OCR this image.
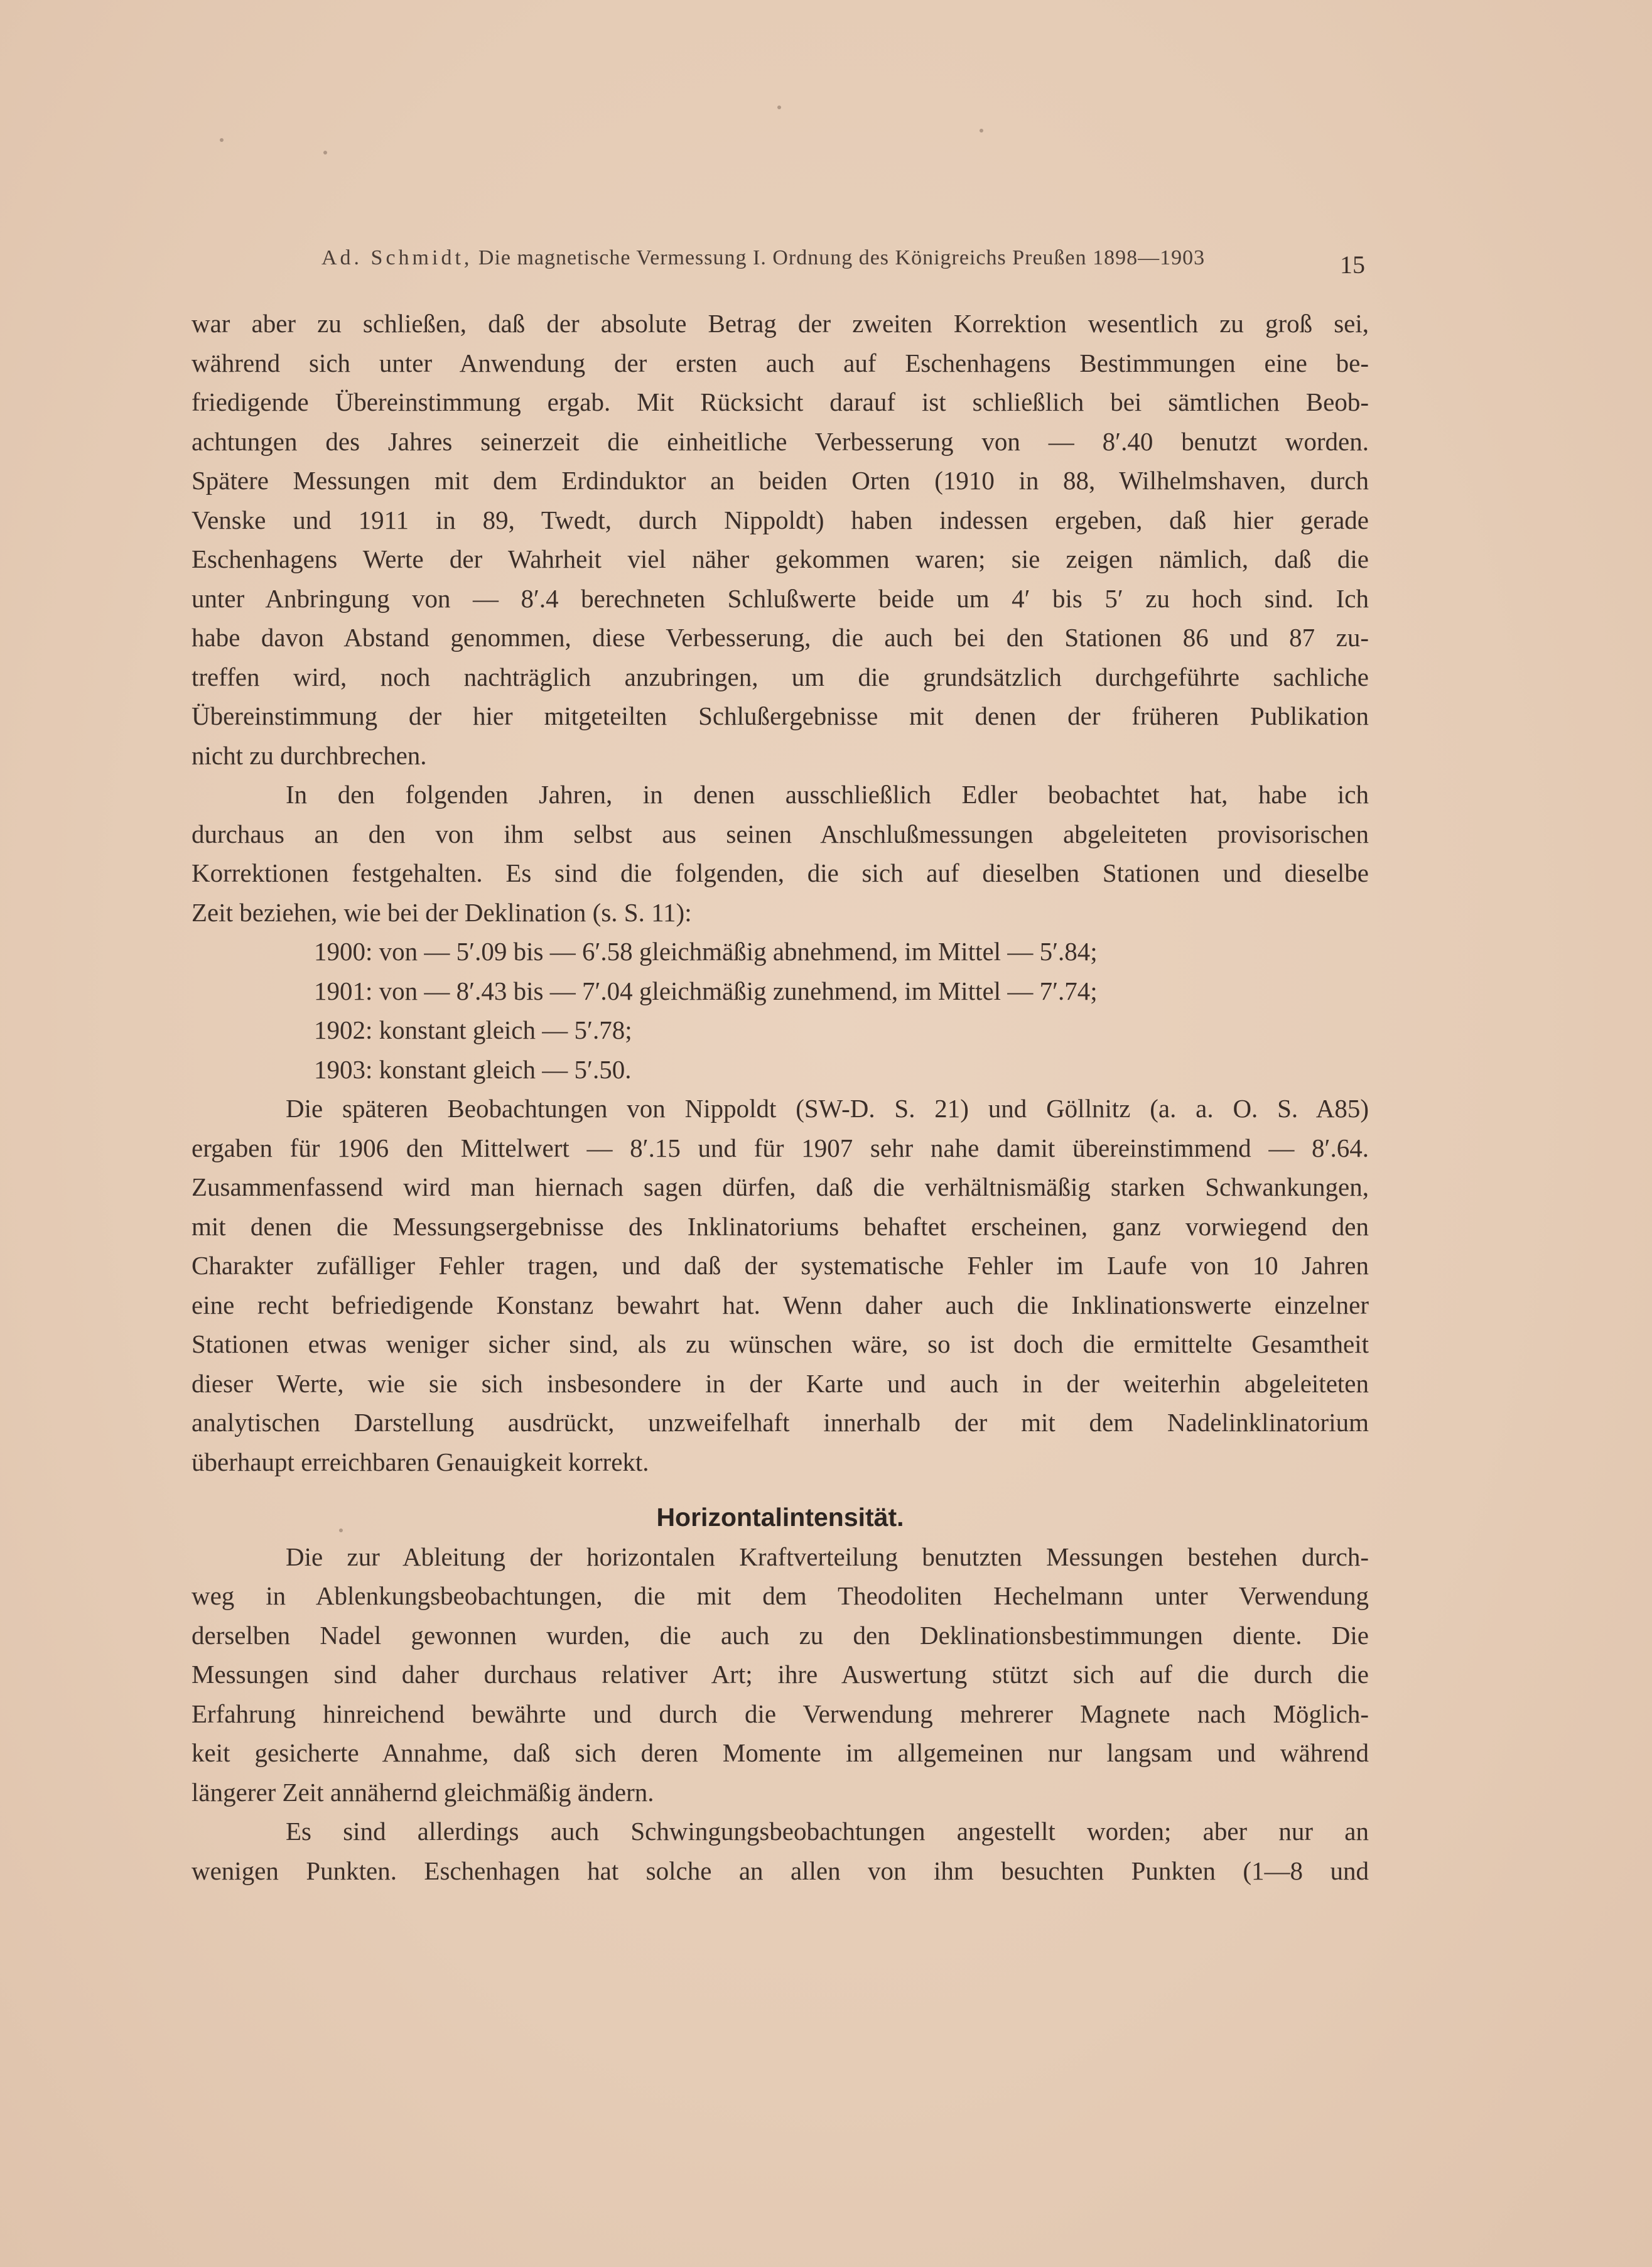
Ad. Schmidt, Die magnetische Vermessung I. Ordnung des Königreichs Preußen 1898—1903	15
war aber zu schließen, daß der absolute Betrag der zweiten Korrektion wesentlich zu groß sei,
während sich unter Anwendung der ersten auch auf Eschenhagens Bestimmungen eine be-
friedigende Übereinstimmung ergab. Mit Rücksicht darauf ist schließlich bei sämtlichen Beob-
achtungen des Jahres seinerzeit die einheitliche Verbesserung von — 8′.40 benutzt worden.
Spätere Messungen mit dem Erdinduktor an beiden Orten (1910 in 88, Wilhelmshaven, durch
Venske und 1911 in 89, Twedt, durch Nippoldt) haben indessen ergeben, daß hier gerade
Eschenhagens Werte der Wahrheit viel näher gekommen waren; sie zeigen nämlich, daß die
unter Anbringung von — 8′.4 berechneten Schlußwerte beide um 4′ bis 5′ zu hoch sind. Ich
habe davon Abstand genommen, diese Verbesserung, die auch bei den Stationen 86 und 87 zu-
treffen wird, noch nachträglich anzubringen, um die grundsätzlich durchgeführte sachliche
Übereinstimmung der hier mitgeteilten Schlußergebnisse mit denen der früheren Publikation
nicht zu durchbrechen.
In den folgenden Jahren, in denen ausschließlich Edler beobachtet hat, habe ich
durchaus an den von ihm selbst aus seinen Anschlußmessungen abgeleiteten provisorischen
Korrektionen festgehalten. Es sind die folgenden, die sich auf dieselben Stationen und dieselbe
Zeit beziehen, wie bei der Deklination (s. S. 11):
1900: von — 5′.09 bis — 6′.58 gleichmäßig abnehmend, im Mittel — 5′.84;
1901: von — 8′.43 bis — 7′.04 gleichmäßig zunehmend, im Mittel — 7′.74;
1902: konstant gleich — 5′.78;
1903: konstant gleich — 5′.50.
Die späteren Beobachtungen von Nippoldt (SW-D. S. 21) und Göllnitz (a. a. O. S. A85)
ergaben für 1906 den Mittelwert — 8′.15 und für 1907 sehr nahe damit übereinstimmend — 8′.64.
Zusammenfassend wird man hiernach sagen dürfen, daß die verhältnismäßig starken Schwankungen,
mit denen die Messungsergebnisse des Inklinatoriums behaftet erscheinen, ganz vorwiegend den
Charakter zufälliger Fehler tragen, und daß der systematische Fehler im Laufe von 10 Jahren
eine recht befriedigende Konstanz bewahrt hat. Wenn daher auch die Inklinationswerte einzelner
Stationen etwas weniger sicher sind, als zu wünschen wäre, so ist doch die ermittelte Gesamtheit
dieser Werte, wie sie sich insbesondere in der Karte und auch in der weiterhin abgeleiteten
analytischen Darstellung ausdrückt, unzweifelhaft innerhalb der mit dem Nadelinklinatorium
überhaupt erreichbaren Genauigkeit korrekt.
Horizontalintensität.
Die zur Ableitung der horizontalen Kraftverteilung benutzten Messungen bestehen durch-
weg in Ablenkungsbeobachtungen, die mit dem Theodoliten Hechelmann unter Verwendung
derselben Nadel gewonnen wurden, die auch zu den Deklinationsbestimmungen diente. Die
Messungen sind daher durchaus relativer Art; ihre Auswertung stützt sich auf die durch die
Erfahrung hinreichend bewährte und durch die Verwendung mehrerer Magnete nach Möglich-
keit gesicherte Annahme, daß sich deren Momente im allgemeinen nur langsam und während
längerer Zeit annähernd gleichmäßig ändern.
Es sind allerdings auch Schwingungsbeobachtungen angestellt worden; aber nur an
wenigen Punkten. Eschenhagen hat solche an allen von ihm besuchten Punkten (1—8 und
